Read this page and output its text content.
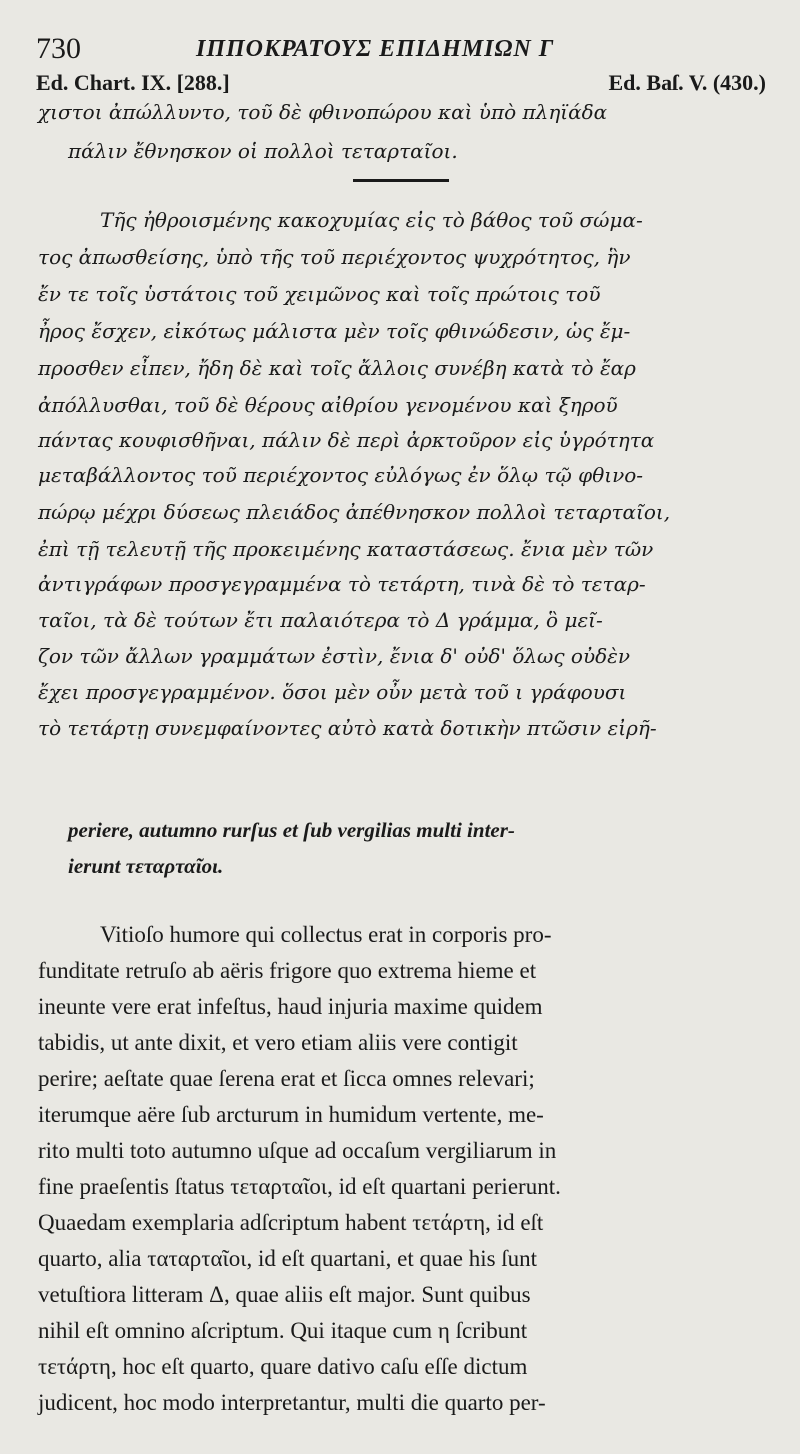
730	ΙΠΠΟΚΡΑΤΟΥΣ ΕΠΙΔΗΜΙΩΝ Γ
Ed. Chart. IX. [288.]	Ed. Baſ. V. (430.)

χιστοι ἀπώλλυντο, τοῦ δὲ φθινοπώρου καὶ ὑπὸ πληϊάδα
πάλιν ἔθνησκον οἱ πολλοὶ τεταρταῖοι.
Τῆς ἠθροισμένης κακοχυμίας εἰς τὸ βάθος τοῦ σώμα-
τος ἀπωσθείσης, ὑπὸ τῆς τοῦ περιέχοντος ψυχρότητος, ἣν
ἔν τε τοῖς ὑστάτοις τοῦ χειμῶνος καὶ τοῖς πρώτοις τοῦ
ἦρος ἔσχεν, εἰκότως μάλιστα μὲν τοῖς φθινώδεσιν, ὡς ἔμ-
προσθεν εἶπεν, ἤδη δὲ καὶ τοῖς ἄλλοις συνέβη κατὰ τὸ ἔαρ
ἀπόλλυσθαι, τοῦ δὲ θέρους αἰθρίου γενομένου καὶ ξηροῦ
πάντας κουφισθῆναι, πάλιν δὲ περὶ ἀρκτοῦρον εἰς ὑγρότητα
μεταβάλλοντος τοῦ περιέχοντος εὐλόγως ἐν ὅλῳ τῷ φθινο-
πώρῳ μέχρι δύσεως πλειάδος ἀπέθνησκον πολλοὶ τεταρταῖοι,
ἐπὶ τῇ τελευτῇ τῆς προκειμένης καταστάσεως. ἔνια μὲν τῶν
ἀντιγράφων προσγεγραμμένα τὸ τετάρτη, τινὰ δὲ τὸ τεταρ-
ταῖοι, τὰ δὲ τούτων ἔτι παλαιότερα τὸ Δ γράμμα, ὃ μεῖ-
ζον τῶν ἄλλων γραμμάτων ἐστὶν, ἔνια δ' οὐδ' ὅλως οὐδὲν
ἔχει προσγεγραμμένον. ὅσοι μὲν οὖν μετὰ τοῦ ι γράφουσι
τὸ τετάρτῃ συνεμφαίνοντες αὐτὸ κατὰ δοτικὴν πτῶσιν εἰρῆ-
periere, autumno rurſus et ſub vergilias multi inter-
ierunt τεταρταῖοι.
Vitioſo humore qui collectus erat in corporis pro-
funditate retruſo ab aëris frigore quo extrema hieme et
ineunte vere erat infeſtus, haud injuria maxime quidem
tabidis, ut ante dixit, et vero etiam aliis vere contigit
perire; aeſtate quae ſerena erat et ſicca omnes relevari;
iterumque aëre ſub arcturum in humidum vertente, me-
rito multi toto autumno uſque ad occaſum vergiliarum in
fine praeſentis ſtatus τεταρταῖοι, id eſt quartani perierunt.
Quaedam exemplaria adſcriptum habent τετάρτη, id eſt
quarto, alia ταταρταῖοι, id eſt quartani, et quae his ſunt
vetuſtiora litteram Δ, quae aliis eſt major. Sunt quibus
nihil eſt omnino aſcriptum. Qui itaque cum η ſcribunt
τετάρτη, hoc eſt quarto, quare dativo caſu eſſe dictum
judicent, hoc modo interpretantur, multi die quarto per-
